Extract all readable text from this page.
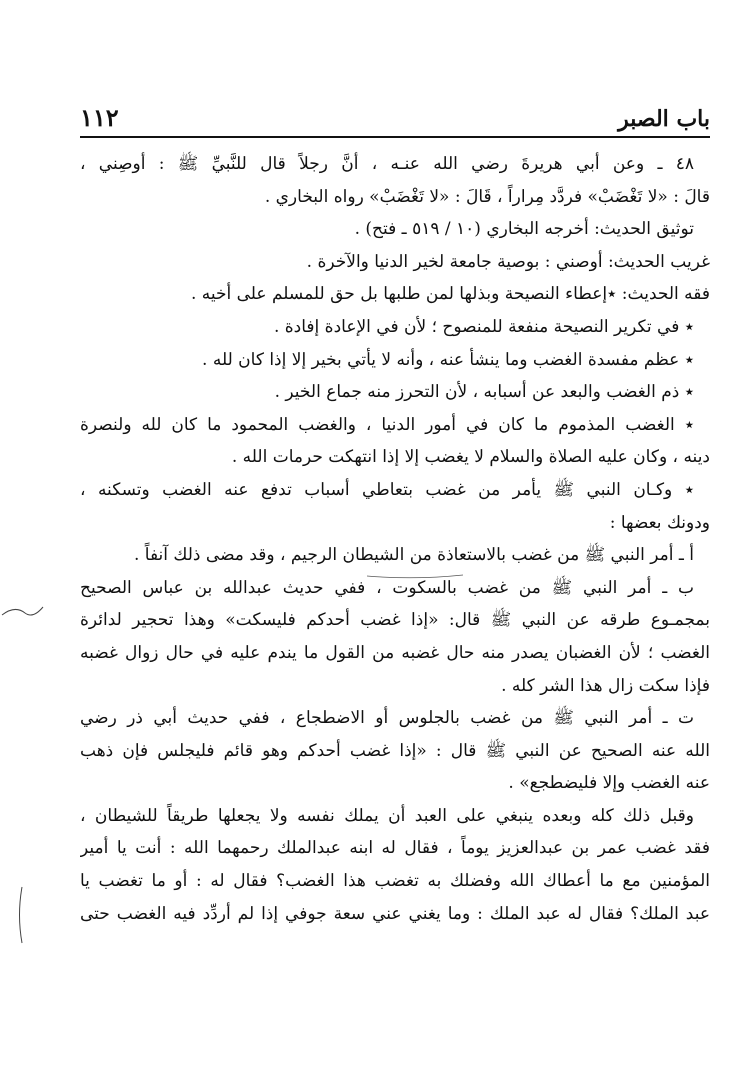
باب الصبر
١١٢
٤٨ ـ وعن أبي هريرةَ رضي الله عنـه ، أنَّ رجلاً قال للنَّبيِّ ﷺ : أوصِني ،
قالَ : «لا تَغْضَبْ» فردَّد مِراراً ، قَالَ : «لا تَغْضَبْ» رواه البخاري .
توثيق الحديث: أخرجه البخاري (١٠ / ٥١٩ ـ فتح) .
غريب الحديث: أوصني : بوصية جامعة لخير الدنيا والآخرة .
فقه الحديث: ٭إعطاء النصيحة وبذلها لمن طلبها بل حق للمسلم على أخيه .
٭ في تكرير النصيحة منفعة للمنصوح ؛ لأن في الإعادة إفادة .
٭ عظم مفسدة الغضب وما ينشأ عنه ، وأنه لا يأتي بخير إلا إذا كان لله .
٭ ذم الغضب والبعد عن أسبابه ، لأن التحرز منه جماع الخير .
٭ الغضب المذموم ما كان في أمور الدنيا ، والغضب المحمود ما كان لله ولنصرة
دينه ، وكان عليه الصلاة والسلام لا يغضب إلا إذا انتهكت حرمات الله .
٭ وكـان النبي ﷺ يأمر من غضب بتعاطي أسباب تدفع عنه الغضب وتسكنه ،
ودونك بعضها :
أ ـ أمر النبي ﷺ من غضب بالاستعاذة من الشيطان الرجيم ، وقد مضى ذلك آنفاً .
ب ـ أمر النبي ﷺ من غضب بالسكوت ، ففي حديث عبدالله بن عباس الصحيح
بمجمـوع طرقه عن النبي ﷺ قال: «إذا غضب أحدكم فليسكت» وهذا تحجير لدائرة
الغضب ؛ لأن الغضبان يصدر منه حال غضبه من القول ما يندم عليه في حال زوال غضبه
فإذا سكت زال هذا الشر كله .
ت ـ أمر النبي ﷺ من غضب بالجلوس أو الاضطجاع ، ففي حديث أبي ذر رضي
الله عنه الصحيح عن النبي ﷺ قال : «إذا غضب أحدكم وهو قائم فليجلس فإن ذهب
عنه الغضب وإلا فليضطجع» .
وقبل ذلك كله وبعده ينبغي على العبد أن يملك نفسه ولا يجعلها طريقاً للشيطان ،
فقد غضب عمر بن عبدالعزيز يوماً ، فقال له ابنه عبدالملك رحمهما الله : أنت يا أمير
المؤمنين مع ما أعطاك الله وفضلك به تغضب هذا الغضب؟ فقال له : أو ما تغضب يا
عبد الملك؟ فقال له عبد الملك : وما يغني عني سعة جوفي إذا لم أردِّد فيه الغضب حتى
